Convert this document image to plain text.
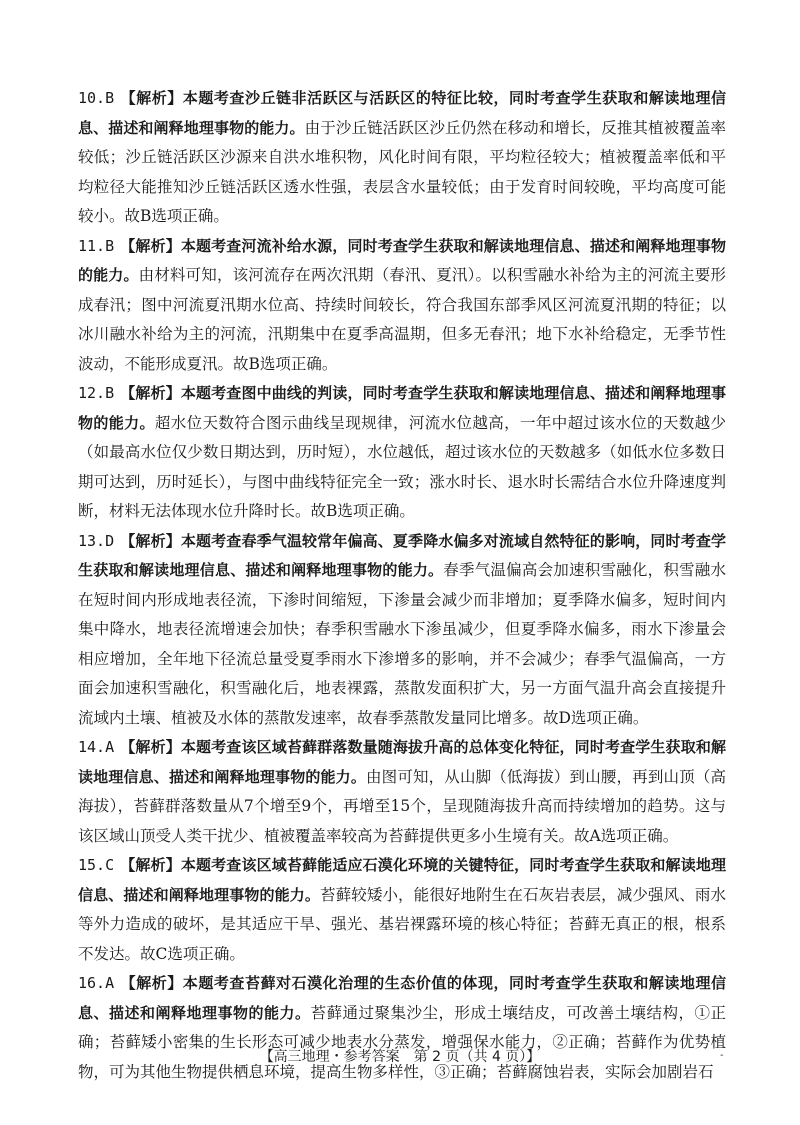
10.B 【解析】本题考查沙丘链非活跃区与活跃区的特征比较，同时考查学生获取和解读地理信息、描述和阐释地理事物的能力。由于沙丘链活跃区沙丘仍然在移动和增长，反推其植被覆盖率较低；沙丘链活跃区沙源来自洪水堆积物，风化时间有限，平均粒径较大；植被覆盖率低和平均粒径大能推知沙丘链活跃区透水性强，表层含水量较低；由于发育时间较晚，平均高度可能较小。故B选项正确。
11.B 【解析】本题考查河流补给水源，同时考查学生获取和解读地理信息、描述和阐释地理事物的能力。由材料可知，该河流存在两次汛期（春汛、夏汛）。以积雪融水补给为主的河流主要形成春汛；图中河流夏汛期水位高、持续时间较长，符合我国东部季风区河流夏汛期的特征；以冰川融水补给为主的河流，汛期集中在夏季高温期，但多无春汛；地下水补给稳定，无季节性波动，不能形成夏汛。故B选项正确。
12.B 【解析】本题考查图中曲线的判读，同时考查学生获取和解读地理信息、描述和阐释地理事物的能力。超水位天数符合图示曲线呈现规律，河流水位越高，一年中超过该水位的天数越少（如最高水位仅少数日期达到，历时短），水位越低，超过该水位的天数越多（如低水位多数日期可达到，历时延长），与图中曲线特征完全一致；涨水时长、退水时长需结合水位升降速度判断，材料无法体现水位升降时长。故B选项正确。
13.D 【解析】本题考查春季气温较常年偏高、夏季降水偏多对流域自然特征的影响，同时考查学生获取和解读地理信息、描述和阐释地理事物的能力。春季气温偏高会加速积雪融化，积雪融水在短时间内形成地表径流，下渗时间缩短，下渗量会减少而非增加；夏季降水偏多，短时间内集中降水，地表径流增速会加快；春季积雪融水下渗虽减少，但夏季降水偏多，雨水下渗量会相应增加，全年地下径流总量受夏季雨水下渗增多的影响，并不会减少；春季气温偏高，一方面会加速积雪融化，积雪融化后，地表裸露，蒸散发面积扩大，另一方面气温升高会直接提升流域内土壤、植被及水体的蒸散发速率，故春季蒸散发量同比增多。故D选项正确。
14.A 【解析】本题考查该区域苔藓群落数量随海拔升高的总体变化特征，同时考查学生获取和解读地理信息、描述和阐释地理事物的能力。由图可知，从山脚（低海拔）到山腰，再到山顶（高海拔），苔藓群落数量从7个增至9个，再增至15个，呈现随海拔升高而持续增加的趋势。这与该区域山顶受人类干扰少、植被覆盖率较高为苔藓提供更多小生境有关。故A选项正确。
15.C 【解析】本题考查该区域苔藓能适应石漠化环境的关键特征，同时考查学生获取和解读地理信息、描述和阐释地理事物的能力。苔藓较矮小，能很好地附生在石灰岩表层，减少强风、雨水等外力造成的破坏，是其适应干旱、强光、基岩裸露环境的核心特征；苔藓无真正的根，根系不发达。故C选项正确。
16.A 【解析】本题考查苔藓对石漠化治理的生态价值的体现，同时考查学生获取和解读地理信息、描述和阐释地理事物的能力。苔藓通过聚集沙尘，形成土壤结皮，可改善土壤结构，①正确；苔藓矮小密集的生长形态可减少地表水分蒸发，增强保水能力，②正确；苔藓作为优势植物，可为其他生物提供栖息环境，提高生物多样性，③正确；苔藓腐蚀岩表，实际会加剧岩石
【高三地理・参考答案　第 2 页（共 4 页）】	-
